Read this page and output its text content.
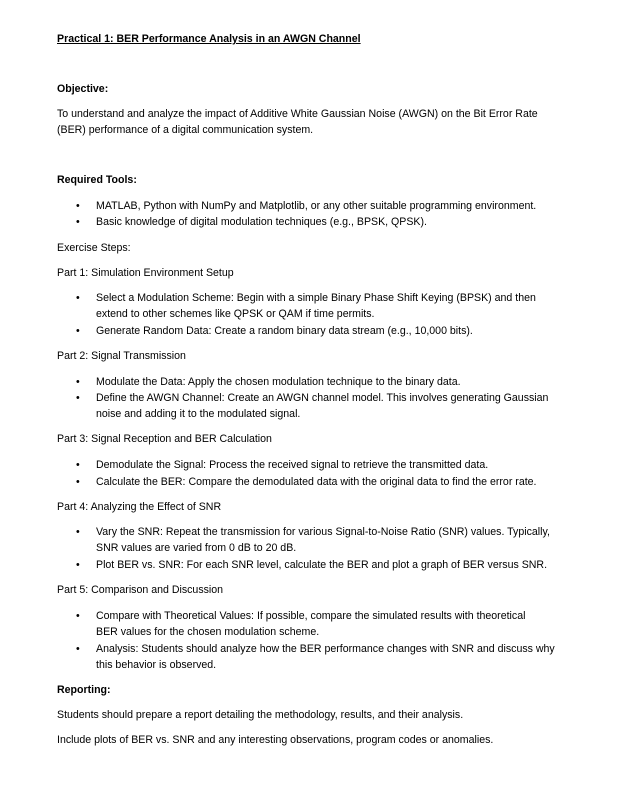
Practical 1: BER Performance Analysis in an AWGN Channel
Objective:
To understand and analyze the impact of Additive White Gaussian Noise (AWGN) on the Bit Error Rate
(BER) performance of a digital communication system.
Required Tools:
• MATLAB, Python with NumPy and Matplotlib, or any other suitable programming environment.
• Basic knowledge of digital modulation techniques (e.g., BPSK, QPSK).
Exercise Steps:
Part 1: Simulation Environment Setup
• Select a Modulation Scheme: Begin with a simple Binary Phase Shift Keying (BPSK) and then
extend to other schemes like QPSK or QAM if time permits.
• Generate Random Data: Create a random binary data stream (e.g., 10,000 bits).
Part 2: Signal Transmission
• Modulate the Data: Apply the chosen modulation technique to the binary data.
• Define the AWGN Channel: Create an AWGN channel model. This involves generating Gaussian
noise and adding it to the modulated signal.
Part 3: Signal Reception and BER Calculation
• Demodulate the Signal: Process the received signal to retrieve the transmitted data.
• Calculate the BER: Compare the demodulated data with the original data to find the error rate.
Part 4: Analyzing the Effect of SNR
• Vary the SNR: Repeat the transmission for various Signal-to-Noise Ratio (SNR) values. Typically,
SNR values are varied from 0 dB to 20 dB.
• Plot BER vs. SNR: For each SNR level, calculate the BER and plot a graph of BER versus SNR.
Part 5: Comparison and Discussion
• Compare with Theoretical Values: If possible, compare the simulated results with theoretical
BER values for the chosen modulation scheme.
• Analysis: Students should analyze how the BER performance changes with SNR and discuss why
this behavior is observed.
Reporting:
Students should prepare a report detailing the methodology, results, and their analysis.
Include plots of BER vs. SNR and any interesting observations, program codes or anomalies.
